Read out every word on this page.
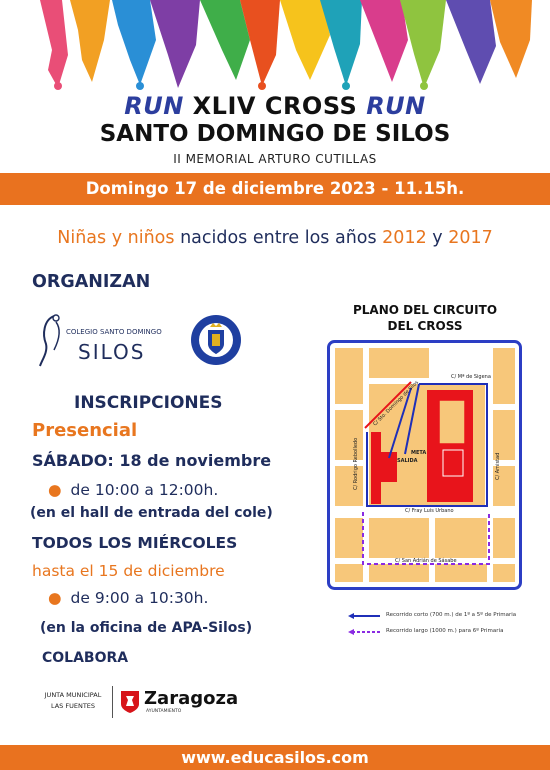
RUN XLIV CROSS RUN
SANTO DOMINGO DE SILOS
II MEMORIAL ARTURO CUTILLAS
Domingo 17 de diciembre 2023 - 11.15h.
Niñas y niños nacidos entre los años 2012 y 2017
ORGANIZAN
COLEGIO SANTO DOMINGO
SILOS
INSCRIPCIONES
Presencial
SÁBADO: 18 de noviembre
● de 10:00 a 12:00h.
(en el hall de entrada del cole)
TODOS LOS MIÉRCOLES
hasta el 15 de diciembre
● de 9:00 a 10:30h.
(en la oficina de APA-Silos)
COLABORA
JUNTA MUNICIPAL
LAS FUENTES	Zaragoza
AYUNTAMIENTO
PLANO DEL CIRCUITO
DEL CROSS
C/ Mª de Sigena
C/ Sto. Domingo de Silos
C/ Rodrigo Rebolledo	C/ Amistad
C/ Fray Luis Urbano
C/ San Adrián de Sásabe
META
SALIDA
Recorrido corto (700 m.) de 1º a 5º de Primaria
Recorrido largo (1000 m.) para 6º Primaria
www.educasilos.com
